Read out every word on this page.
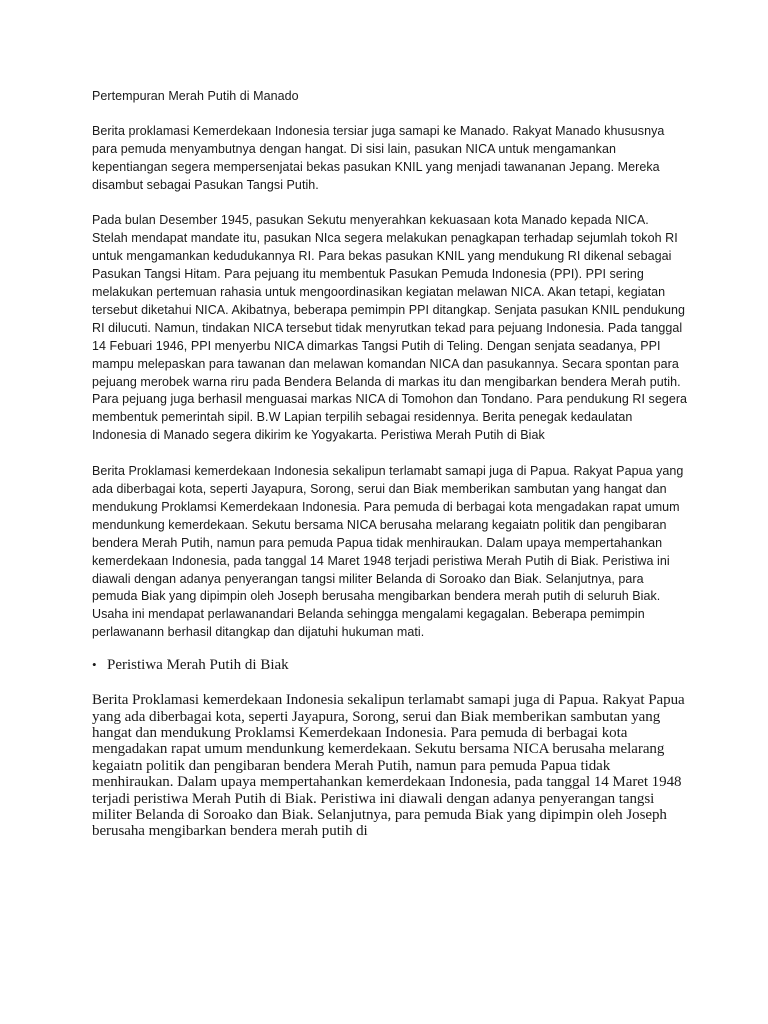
Pertempuran Merah Putih di Manado

Berita proklamasi Kemerdekaan Indonesia tersiar juga samapi ke Manado. Rakyat Manado khususnya para pemuda menyambutnya dengan hangat. Di sisi lain, pasukan NICA untuk mengamankan kepentiangan segera mempersenjatai bekas pasukan KNIL yang menjadi tawananan Jepang. Mereka disambut sebagai Pasukan Tangsi Putih.

Pada bulan Desember 1945, pasukan Sekutu menyerahkan kekuasaan kota Manado kepada NICA. Stelah mendapat mandate itu, pasukan NIca segera melakukan penagkapan terhadap sejumlah tokoh RI untuk mengamankan kedudukannya RI. Para bekas pasukan KNIL yang mendukung RI dikenal sebagai Pasukan Tangsi Hitam. Para pejuang itu membentuk Pasukan Pemuda Indonesia (PPI). PPI sering melakukan pertemuan rahasia untuk mengoordinasikan kegiatan melawan NICA. Akan tetapi, kegiatan tersebut diketahui NICA. Akibatnya, beberapa pemimpin PPI ditangkap. Senjata pasukan KNIL pendukung RI dilucuti. Namun, tindakan NICA tersebut tidak menyrutkan tekad para pejuang Indonesia. Pada tanggal 14 Febuari 1946, PPI menyerbu NICA dimarkas Tangsi Putih di Teling. Dengan senjata seadanya, PPI mampu melepaskan para tawanan dan melawan komandan NICA dan pasukannya. Secara spontan para pejuang merobek warna riru pada Bendera Belanda di markas itu dan mengibarkan bendera Merah putih. Para pejuang juga berhasil menguasai markas NICA di Tomohon dan Tondano. Para pendukung RI segera membentuk pemerintah sipil. B.W Lapian terpilih sebagai residennya. Berita penegak kedaulatan Indonesia di Manado segera dikirim ke Yogyakarta. Peristiwa Merah Putih di Biak

Berita Proklamasi kemerdekaan Indonesia sekalipun terlamabt samapi juga di Papua. Rakyat Papua yang ada diberbagai kota, seperti Jayapura, Sorong, serui dan Biak memberikan sambutan yang hangat dan mendukung Proklamsi Kemerdekaan Indonesia. Para pemuda di berbagai kota mengadakan rapat umum mendunkung kemerdekaan. Sekutu bersama NICA berusaha melarang kegaiatn politik dan pengibaran bendera Merah Putih, namun para pemuda Papua tidak menhiraukan. Dalam upaya mempertahankan kemerdekaan Indonesia, pada tanggal 14 Maret 1948 terjadi peristiwa Merah Putih di Biak. Peristiwa ini diawali dengan adanya penyerangan tangsi militer Belanda di Soroako dan Biak. Selanjutnya, para pemuda Biak yang dipimpin oleh Joseph berusaha mengibarkan bendera merah putih di seluruh Biak. Usaha ini mendapat perlawanandari Belanda sehingga mengalami kegagalan. Beberapa pemimpin perlawanann berhasil ditangkap dan dijatuhi hukuman mati.

• Peristiwa Merah Putih di Biak

Berita Proklamasi kemerdekaan Indonesia sekalipun terlamabt samapi juga di Papua. Rakyat Papua yang ada diberbagai kota, seperti Jayapura, Sorong, serui dan Biak memberikan sambutan yang hangat dan mendukung Proklamsi Kemerdekaan Indonesia. Para pemuda di berbagai kota mengadakan rapat umum mendunkung kemerdekaan. Sekutu bersama NICA berusaha melarang kegaiatn politik dan pengibaran bendera Merah Putih, namun para pemuda Papua tidak menhiraukan. Dalam upaya mempertahankan kemerdekaan Indonesia, pada tanggal 14 Maret 1948 terjadi peristiwa Merah Putih di Biak. Peristiwa ini diawali dengan adanya penyerangan tangsi militer Belanda di Soroako dan Biak. Selanjutnya, para pemuda Biak yang dipimpin oleh Joseph berusaha mengibarkan bendera merah putih di
